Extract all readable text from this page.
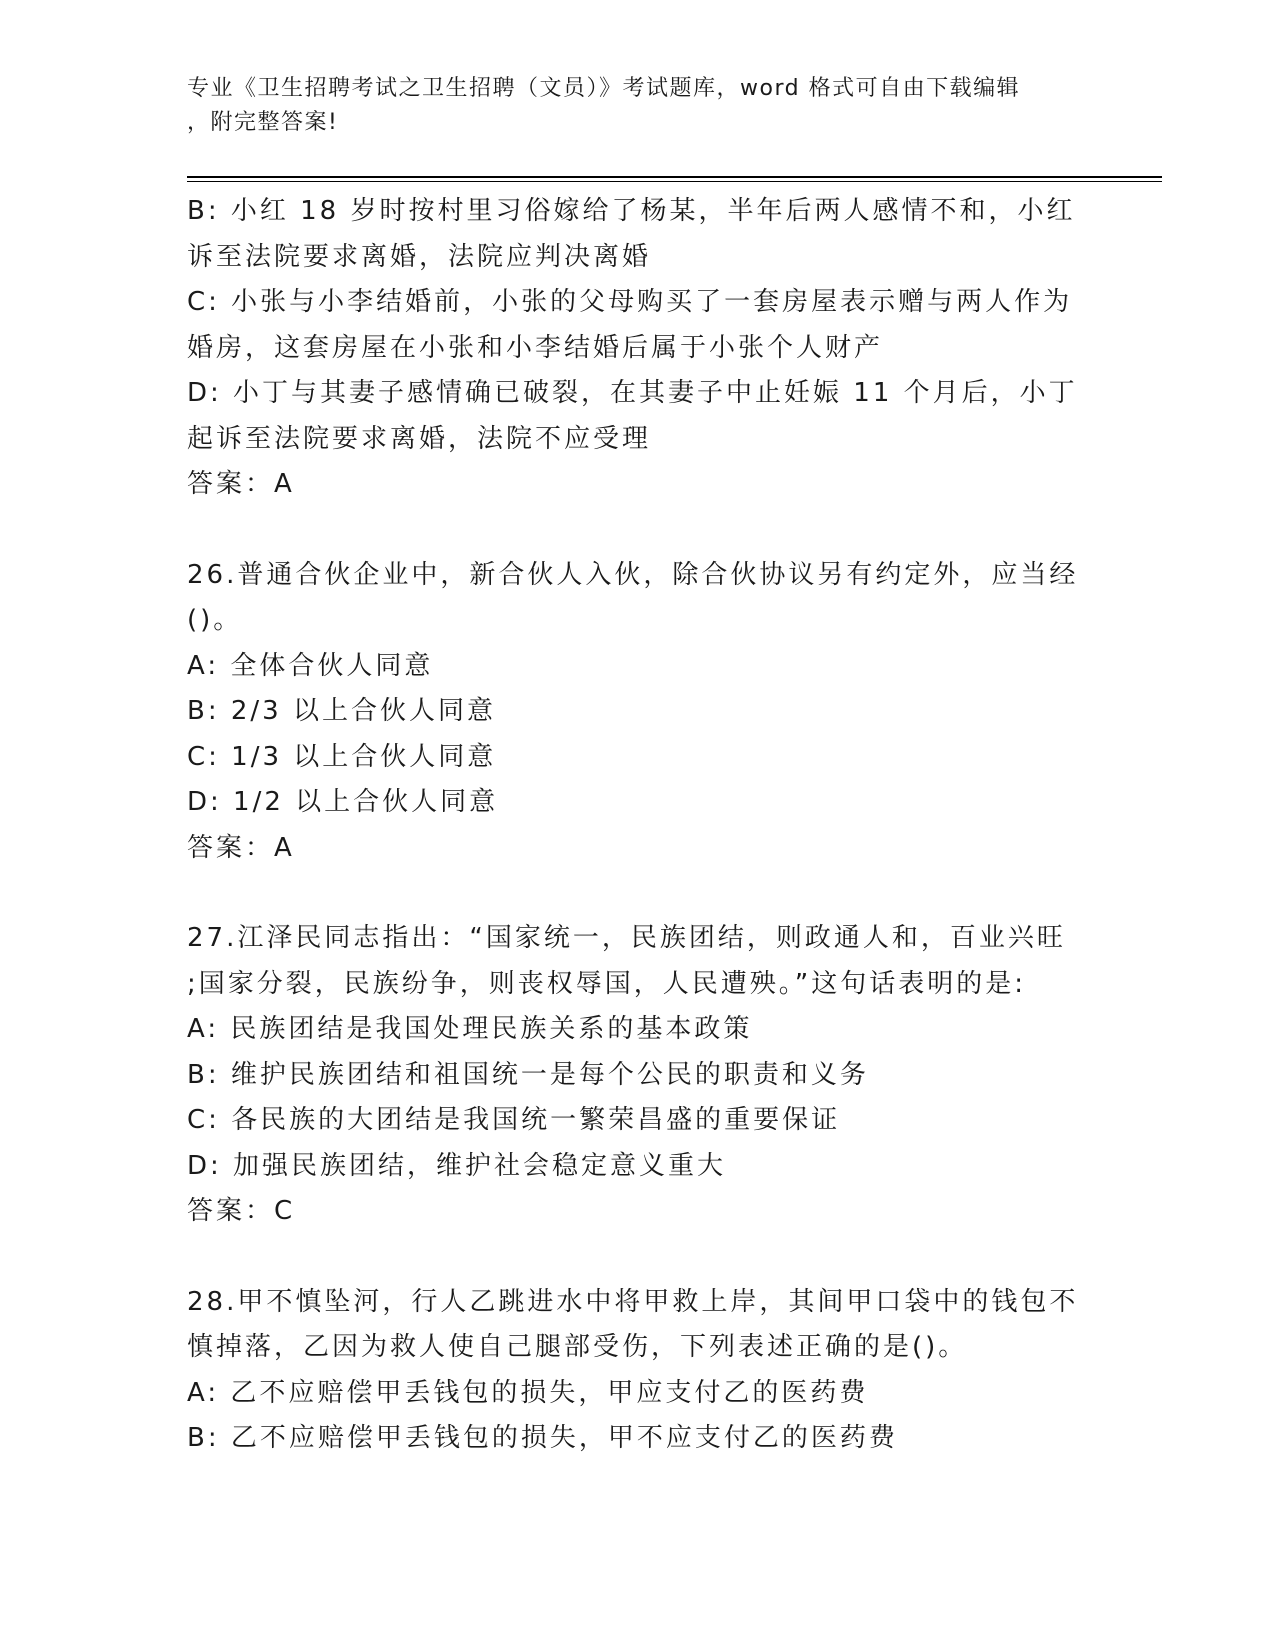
专业《卫生招聘考试之卫生招聘（文员）》考试题库，word 格式可自由下载编辑
，附完整答案!
B: 小红 18 岁时按村里习俗嫁给了杨某，半年后两人感情不和，小红
诉至法院要求离婚，法院应判决离婚
C: 小张与小李结婚前，小张的父母购买了一套房屋表示赠与两人作为
婚房，这套房屋在小张和小李结婚后属于小张个人财产
D: 小丁与其妻子感情确已破裂，在其妻子中止妊娠 11 个月后，小丁
起诉至法院要求离婚，法院不应受理
答案：A
26.普通合伙企业中，新合伙人入伙，除合伙协议另有约定外，应当经
()。
A: 全体合伙人同意
B: 2/3 以上合伙人同意
C: 1/3 以上合伙人同意
D: 1/2 以上合伙人同意
答案：A
27.江泽民同志指出：“国家统一，民族团结，则政通人和，百业兴旺
;国家分裂，民族纷争，则丧权辱国，人民遭殃。”这句话表明的是:
A: 民族团结是我国处理民族关系的基本政策
B: 维护民族团结和祖国统一是每个公民的职责和义务
C: 各民族的大团结是我国统一繁荣昌盛的重要保证
D: 加强民族团结，维护社会稳定意义重大
答案：C
28.甲不慎坠河，行人乙跳进水中将甲救上岸，其间甲口袋中的钱包不
慎掉落，乙因为救人使自己腿部受伤，下列表述正确的是()。
A: 乙不应赔偿甲丢钱包的损失，甲应支付乙的医药费
B: 乙不应赔偿甲丢钱包的损失，甲不应支付乙的医药费
